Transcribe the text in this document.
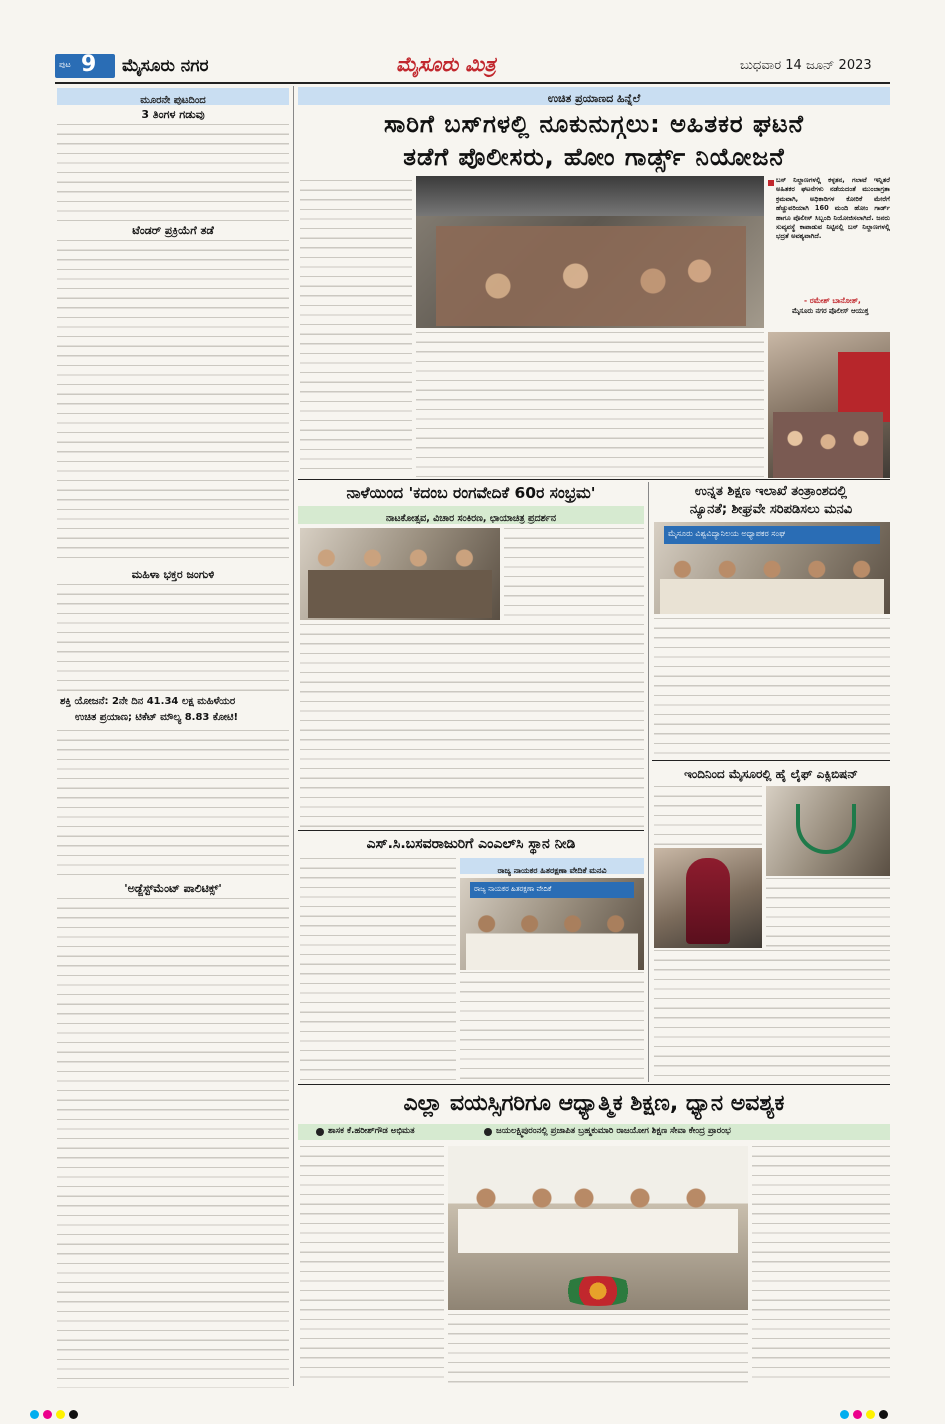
ಪುಟ 9 ಮೈಸೂರು ನಗರ	ಮೈಸೂರು ಮಿತ್ರ	ಬುಧವಾರ 14 ಜೂನ್ 2023
ಮೂರನೇ ಪುಟದಿಂದ
3 ತಿಂಗಳ ಗಡುವು
ಟೆಂಡರ್ ಪ್ರಕ್ರಿಯೆಗೆ ತಡೆ
ಮಹಿಳಾ ಭಕ್ತರ ಜಂಗುಳಿ
ಶಕ್ತಿ ಯೋಜನೆ: 2ನೇ ದಿನ 41.34 ಲಕ್ಷ ಮಹಿಳೆಯರ
ಉಚಿತ ಪ್ರಯಾಣ; ಟಿಕೆಟ್ ಮೌಲ್ಯ 8.83 ಕೋಟಿ!
'ಅಡ್ಜೆಸ್ಟ್‌ಮೆಂಟ್ ಪಾಲಿಟಿಕ್ಸ್'
ಉಚಿತ ಪ್ರಯಾಣದ ಹಿನ್ನೆಲೆ
ಸಾರಿಗೆ ಬಸ್‌ಗಳಲ್ಲಿ ನೂಕುನುಗ್ಗಲು: ಅಹಿತಕರ ಘಟನೆ
ತಡೆಗೆ ಪೊಲೀಸರು, ಹೋಂ ಗಾರ್ಡ್ಸ್ ನಿಯೋಜನೆ
ಬಸ್ ನಿಲ್ದಾಣಗಳಲ್ಲಿ ಕಳ್ಳತನ, ಗಲಾಟೆ ಇನ್ನಿತರೆ ಅಹಿತಕರ ಘಟನೆಗಳು ನಡೆಯದಂತೆ ಮುಂಜಾಗ್ರತಾ ಕ್ರಮವಾಗಿ, ಅಧಿಕಾರಿಗಳ ಕೋರಿಕೆ ಮೇರೆಗೆ ಹೆಚ್ಚುವರಿಯಾಗಿ 160 ಮಂದಿ ಹೋಂ ಗಾರ್ಡ್ ಹಾಗೂ ಪೊಲೀಸ್ ಸಿಬ್ಬಂದಿ ನಿಯೋಜಿಸಲಾಗಿದೆ. ಜನರು ಸುವ್ಯವಸ್ಥೆ ಕಾಪಾಡುವ ನಿಟ್ಟಿನಲ್ಲಿ ಬಸ್ ನಿಲ್ದಾಣಗಳಲ್ಲಿ ಭದ್ರತೆ ಅವಶ್ಯವಾಗಿದೆ.
- ರಮೇಶ್ ಬಾನೋತ್,
ಮೈಸೂರು ನಗರ ಪೊಲೀಸ್ ಆಯುಕ್ತ
ನಾಳೆಯಿಂದ 'ಕದಂಬ ರಂಗವೇದಿಕೆ 60ರ ಸಂಭ್ರಮ'
ನಾಟಕೋತ್ಸವ, ವಿಚಾರ ಸಂಕಿರಣ, ಛಾಯಾಚಿತ್ರ ಪ್ರದರ್ಶನ
ಉನ್ನತ ಶಿಕ್ಷಣ ಇಲಾಖೆ ತಂತ್ರಾಂಶದಲ್ಲಿ
ನ್ಯೂನತೆ; ಶೀಘ್ರವೇ ಸರಿಪಡಿಸಲು ಮನವಿ
ಮೈಸೂರು ವಿಶ್ವವಿದ್ಯಾನಿಲಯ ಅಧ್ಯಾಪಕರ ಸಂಘ
ಇಂದಿನಿಂದ ಮೈಸೂರಲ್ಲಿ ಹೈ ಲೈಫ್ ಎಕ್ಸಿಬಿಷನ್
ಎಸ್.ಸಿ.ಬಸವರಾಜುರಿಗೆ ಎಂಎಲ್‌ಸಿ ಸ್ಥಾನ ನೀಡಿ
ರಾಜ್ಯ ನಾಯಕರ ಹಿತರಕ್ಷಣಾ ವೇದಿಕೆ ಮನವಿ
ರಾಜ್ಯ ನಾಯಕರ ಹಿತರಕ್ಷಣಾ ವೇದಿಕೆ
ಎಲ್ಲಾ ವಯಸ್ಸಿಗರಿಗೂ ಆಧ್ಯಾತ್ಮಿಕ ಶಿಕ್ಷಣ, ಧ್ಯಾನ ಅವಶ್ಯಕ
ಶಾಸಕ ಕೆ.ಹರೀಶ್‌ಗೌಡ ಅಭಿಮತ	ಜಯಲಕ್ಷ್ಮಿಪುರಂನಲ್ಲಿ ಪ್ರಜಾಪಿತ ಬ್ರಹ್ಮಕುಮಾರಿ ರಾಜಯೋಗ ಶಿಕ್ಷಣ ಸೇವಾ ಕೇಂದ್ರ ಪ್ರಾರಂಭ
